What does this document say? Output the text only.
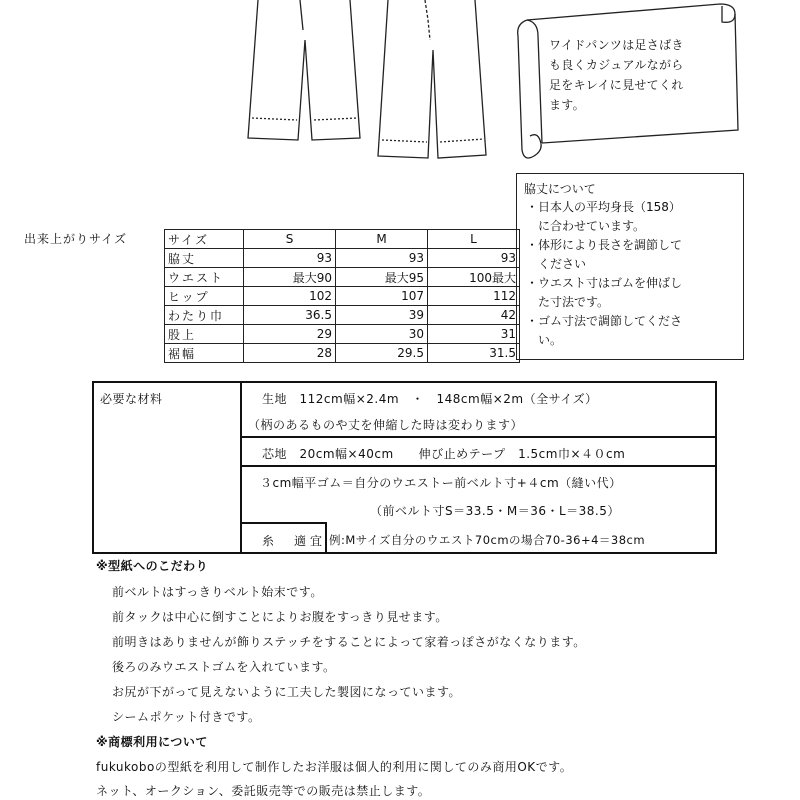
ワイドパンツは足さばき
も良くカジュアルながら
足をキレイに見せてくれ
ます。
脇丈について
・日本人の平均身長（158）
　に合わせています。
・体形により長さを調節して
　ください
・ウエスト寸はゴムを伸ばし
　た寸法です。
・ゴム寸法で調節してくださ
　い。
出来上がりサイズ	サイズ	S	M	L
脇丈	93	93	93
ウエスト	最大90	最大95	100最大
ヒップ	102	107	112
わたり巾	36.5	39	42
股上	29	30	31
裾幅	28	29.5	31.5

必要な材料	生地　112cm幅×2.4m　・　148cm幅×2m（全サイズ）
（柄のあるものや丈を伸縮した時は変わります）
芯地　20cm幅×40cm　　伸び止めテープ　1.5cm巾×４０cm
３cm幅平ゴム＝自分のウエストー前ベルト寸+４cm（縫い代）
（前ベルト寸S＝33.5・M＝36・L＝38.5）
糸　適宜 例:Mサイズ自分のウエスト70cmの場合70-36+4＝38cm
※型紙へのこだわり
前ベルトはすっきりベルト始末です。
前タックは中心に倒すことによりお腹をすっきり見せます。
前明きはありませんが飾りステッチをすることによって家着っぽさがなくなります。
後ろのみウエストゴムを入れています。
お尻が下がって見えないように工夫した製図になっています。
シームポケット付きです。
※商標利用について
fukukoboの型紙を利用して制作したお洋服は個人的利用に関してのみ商用OKです。
ネット、オークション、委託販売等での販売は禁止します。
